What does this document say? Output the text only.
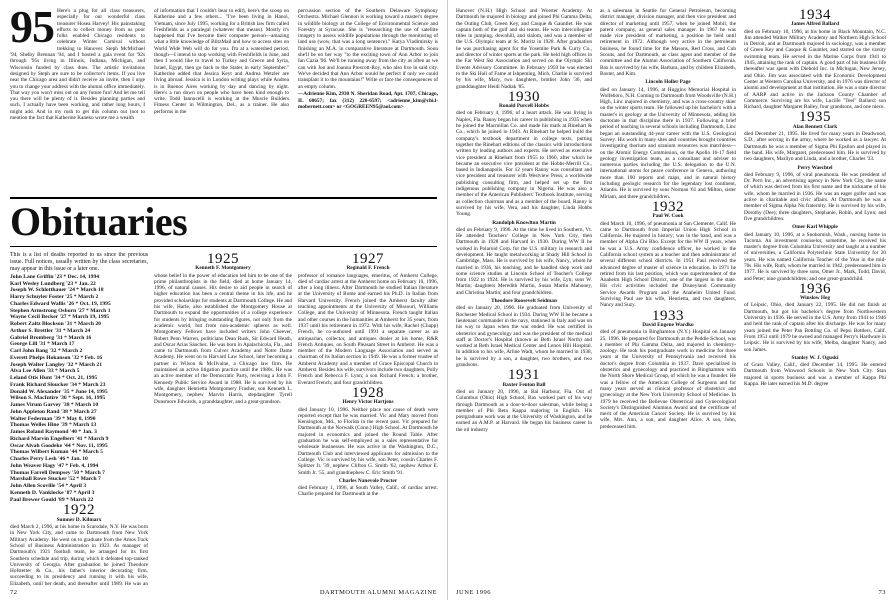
95 Here's a plug for all class treasurers, especially for our wonderful class treasurer Hosea Harvey! His painstaking efforts to collect money from us poor folks enabled Chicago residents to celebrate Winter Carnival without trekking to Hanover. Steph McMichael '94, Shelby Brennan '94, and I hosted a gala event for '92s through '95s living in Illinois, Indiana, Michigan, and Wisconsin funded by class dues. The artistic invitations designed by Steph are sure to be collector's items. If you live near the Chicago area and didn't receive an invite, then I urge you to change your address with the alumni office immediately. That way you won't miss out on any future fun! And let me tell you there will be plenty of it. Besides planning parties and such, I actually have been working, and rather long hours, I might add. And in my rush to get this column out (not to mention the fact that Katherine Kaneko wrote me a wealth
of information that I couldn't bear to edit), here's the scoop on Katherine and a few others... "I've been living in Hanoi, Vietnam, since July 1995, working for a British law firm called Freshfields as a paralegal (whatever that means). Mostly it's happened that I've become their computer person—amazing what a little knowledge of BlitzMail and how to access sites on World Wide Web will do for you. I'm at a watershed period, though—I intend to stop working with Freshfields in June, and then I would like to travel to Turkey and Greece and Syria, Israel, Egypt, then go back to the States in early September." Katherine added that Jessica Keyt and Andrea Wetzler are living abroad. Jessica is in London writing plays while Andrea is in Buenos Aires working by day and dancing by night. Here's a run down on people who have been kind enough to write. Todd Iannucelli is working at the Muscle Builders Fitness Center in Wilmington, Del., as a trainer. He also performs in the

percussion section of the Southern Delaware Symphony Orchestra. Michael Glennon is working toward a master's degree in wildlife biology at the College of Environmental Science and Forestry at Syracuse. She is "researching the use of satellite imagery to assess wildlife populations through the monitoring of land use (wow, that was a long sentence)." Katya Vladimirsky is finishing an M.A. in comparative literature at Dartmouth. Soon she'll be on her way "to the exciting town of Ann Arbor to join Ian Cazia '96. We'll be running away from the city as often as we can with Jon and Joanna Prescott-Roy, who also live in said city. We've decided that Ann Arbor would be perfect if only we could transplant it to the mountains!" Write or face the consequences of an empty column.

—Adrienne Kim, 2930 N. Sheridan Road, Apt. 1707, Chicago, IL 60657; fax (312) 220-6597; <adrienne_kim@chi.l-mobernett.com> or <GOGREEN95@aol.com>

Obituaries

This is a list of deaths reported to us since the previous issue. Full notices, usually written by the class secretaries, may appear in this issue or a later one.

John Lane Griffin '23 * Dec. 14, 1994
Karl Wesley Lundberg '23 * Jan. 22
Joseph W. Schlotthauer '24 * March 18
Harry Schuyler Foster '25 * March 2
Charles Edward Wallis '26 * Oct. 19, 1995
Stephen Armstrong Osborn '27 * March 1
Wayne Cecil Becker '27 * March 19, 1995
Robert Zaltz Blockson '31 * March 20
Arthur S. Brettler '31 * March 24
Gabriel Bromberg '31 * March 16
George Lill '31 * March 17
Carl John Bang '32 * March 2
Everett Phelps Hokanson '32 * Feb. 16
Joseph Walter Langley '32 * March 21
Alva Lee Allen '33 * March 5
Leland Otis Hunt '34 * Oct. 21, 1995
Frank Richard Sloucker '34 * March 23
Donald W. Alexander '35 * June 14, 1995
Wilson S. MacIntire '36 * Sept. 16, 1995
James Virum Garvey '38 * March 10
John Appleton Rand '38 * March 27
Walter Federman '39 * May 8, 1990
Thomas Welles Hine '39 * March 13
James Roland Raymond '40 * Jan. 3
Richard Marvin Engelbert '41 * March 9
Oscar Alvah Goodeke '44 * Nov. 11, 1995
Thomas Wilbert Kuman '44 * March 5
Charles Perry Lesh '46 * Jan. 10
John Weaver Hagy '47 * Feb. 4, 1994
Thomas Farrell Dempsey '50 * March 7
Marshall Rowe Stucker '52 * March 7
John Allen Scoville '54 * April 3
Kenneth D. Vanklocke '87 * April 3
Paul Brewer Gould '89 * March 22
1922
Sumner D. Kilmarx

died March 2, 1996, at his home in Scarsdale, N.Y. He was born in New York City, and came to Dartmouth from New York Military Academy. He went on to graduate from the Amos Tuck School of Business Administration in 1923. As manager of Dartmouth's 1921 football team, he arranged for its first Southern schedule and trip, during which it defeated top-ranked University of Georgia. After graduation he joined Theodore Hofstetter & Co., his father's interior decorating firm, succeeding to its presidency and running it with his wife, Elizabeth, until her death, and thereafter until 1989. He was an

1925
Kenneth F. Montgomery

whose belief in the power of education led him to be one of the prime philanthropists in the field, died at home January 14, 1996, of natural causes. His desire to aid people in search of higher education has been a central theme in his life, and he provided scholarships for students at Dartmouth College. He and his wife, Harle, also established the Montgomery House at Dartmouth to expand the opportunities of a college experience for students by bringing outstanding figures, not only from the academic world, but from non-academic spheres as well. Montgomery Fellows have included writers John Cheever, Robert Penn Warren, politicians Dean Rusk, Sir Edward Heath, and Oscar Arias Sánchez. He was born in Apalachicola, Fla., and came to Dartmouth from Culver Academy and Notre Dame Academy. He went on to Harvard Law School, later becoming a partner in Wilson & McIlvaine, a Chicago law firm. He maintained an active litigation practice until the 1980s. He was an active member of the Democratic Party, receiving a John F. Kennedy Public Service Award in 1988. He is survived by his wife, daughter Henrietta Montgomery Frasher, son Kenneth L. Montgomery, nephew Marvin Harris, stepdaughter Tyrell Dunsmore Edwards, a granddaughter, and a great-grandson.

1927
Reginald F. French

professor of romance languages, emeritus, of Amherst College, died of cardiac arrest at the Amherst home on February 10, 1996, after a long illness. After Dartmouth he studied Italian literature at the University of Rome and earned his Ph.D. in Italian from Harvard University. French joined the Amherst faculty after teaching appointments at the University of Missouri, Williams College, and the University of Minnesota. French taught Italian and other courses in the humanities at Amherst for 35 years, from 1937 until his retirement in 1972. With his wife, Rachel (Chapp) French, he co-authored until 1991 a separate career as an antiquarian, collector, and antiques dealer at his home, R&R French Antiques, on South Pleasant Street in Amherst. He was a member of the Modern Language Association and served as chairman of its Italian section in 1949. He was a former trustee of Amherst Academy and a member of Grace Episcopal Church in Amherst. Besides his wife, survivors include two daughters, Polly French and Rebecca F. Lynn; a son Richard French; a brother, Everard French; and four grandchildren.

1928
Henry Victor Hartjens

died January 10, 1996. Neither place nor cause of death were reported except that he was married. Vic and Mary moved from Kensington, Md., to Florida in the recent past. Vic prepared for Dartmouth at the Norwalk (Conn.) High School. At Dartmouth he majored in economics and joined the Round Table. After graduation he was self-employed as a sales representative for wholesale businesses. He was active in the Washington, D.C., Dartmouth Club and interviewed applicants for admission to the College. Vic is survived by his wife, son Peter, cousin Charles F. Splitzer Jr. '39, nephew Clifton G. Smith '62, nephew Arthur E. Smith Jr. '55, and grandnephew C. Eric Smith '91.

Charles Nanevole Procter

died February 1, 1996, at South Valley, Calif., of cardiac arrest. Charlie prepared for Dartmouth at the

72	DARTMOUTH ALUMNI MAGAZINE

Hanover (N.H.) High School and Worster Academy. At Dartmouth he majored in biology and joined Phi Gamma Delta, the Outing Club, Green Key, and Casque & Gauntlet. He was captain both of the golf and ski teams. He won intercollegiate titles in jumping, downhill, and slalom, and was a member of the U.S. Olympic team at St. Moritz in 1928. After graduation he was purchasing agent for the Yosemite Park & Curry Co., and director of winter sports at the park. He held high offices in the Far West Ski Association and served on the Olympic Ski Events Advisory Committee. In February 1959 he was elected to the Ski Hall of Fame at Ishpeming, Mich. Charlie is survived by his wife, Mary, two daughters, brother John '36, and granddaughter Heidi Nadiak '85.

1930
Ronald Purcell Hobbs

died on February 4, 1996, of a heart attack. He was living in Naples, Fla. Ranny began his career in publishing in 1935 when he joined the Macmillan Co. and made his mark at Rinehart & Co., which he joined in 1943. At Rinehart he helped build the company's textbook department in college texts, putting together the Rinehart editions of the classics with introductions written by leading authors and experts. He served as executive vice president at Rinehart from 1955 to 1960, after which he became an executive vice president at the Hobbs-Merrill Co., based in Indianapolis. For 12 years Ranny was consultant and vice president and treasurer with Westview Press, a worldwide publishing consulting firm, and helped set up the first indigenous publishing company in Nigeria. He was also a member of the American Publishers' Textbook Institute, serving as collection chairman and as a member of the board. Ranny is survived by his wife, Vera, and his daughter, Linda Hobbs Young.

Randolph Knowlton Martin

died on February 9, 1996. At the time he lived in Southern, Vt. He attended Teachers' College in New York City, then Dartmouth in 1928 and Harvard in 1930. During WW II he worked in Polaroid Corp. for the U.S. military in research and development. He taught metalworking at Shady Hill School in Cambridge, Mass. He is survived by his wife, Nancy, whom he married in 1936, his teaching, and he handled shop work and some science studies at Lincoln School of Teacher's College from 1922 to 1924. He is survived by his wife, Lyn; sons W. Martin; daughters Meredith Martin, Susan Martin Mahoney, and Christina Martin; and four grandchildren.

Theodore Roosevelt Seidman

died on January 20, 1996. He graduated from University of Rochester Medical School in 1934. During WW II he became a lieutenant commander in the navy, stationed in Italy and was on his way to Japan when the war ended. He was certified in obstetrics and gynecology and was the president of the medical staff at Doctor's Hospital (known as Beth Israel North) and worked at Beth Israel Medical Center and Lenox Hill Hospital. In addition to his wife, Arline Wadt, whom he married in 1938, he is survived by a son, a daughter, two brothers, and two grandsons.

1931
Baxter Fenton Ball

died on January 20, 1996, at Bal Harbour, Fla. Out of Columbus (Ohio) High School, Bax worked part of his way through Dartmouth as a door-to-door salesman, while being a member of Phi Beta Kappa majoring in English. His postgraduate work was at the University of Washington, and he earned an A.M.P. at Harvard. He began his business career in the oil industry

as a salesman in Seattle for General Petroleum, becoming district manager, division manager, and then vice president and director of marketing until 1957, when he joined Mobil, the parent company, as general sales manager. In 1967 he was made vice president of marketing, a position he held until retirement in 1972. Although very active in the petroleum business, he found time for the Masons, Red Cross, and Cub Scouts, and for Dartmouth, as class agent and member of the committee and the Alumni Association of Southern California. Bax is survived by his wife, Barbara, and by children Elizabeth, Baxter, and Kim.

Lincoln Holler Page

died on January 14, 1996, at Huggins Memorial Hospital in Wolfeboro, N.H. Coming to Dartmouth from Woodsville (N.H.) High, Linc majored in chemistry, and was a cross-country skier on the winter sports team. He followed up his bachelor's with a master's in geology at the University of Minnesota, adding his doctorate in that discipline there in 1937. Following a brief period of teaching in several schools including Dartmouth, Linc began an outstanding 44-year career with the U.S. Geological Survey. His work in many sites and countries brought countries investigating thorium and uranium resources was matchless—on the Atomic Energy Commission, on the Apollo 16-17 field geology investigation team, as a consultant and adviser to numerous parties including the U.S. delegation to the U.N. international atoms for peace conference in Geneva, authoring more than 100 reports and maps, and in natural history including geologic research for the legendary lost continent, Atlantis. He is survived by sons Norman '61 and Milton, sister Miriam, and three grandchildren.

1932
Paul W. Cook

died March 10, 1996, of pneumonia at San Clemente, Calif. He came to Dartmouth from Imperial Union High School in California. He majored in history; was in the band, and was a member of Alpha Chi Rho. Except for the WW II years, when he was a U.S. Army confidence officer, he worked in the California school system as a teacher and then administrator of several different school districts. In 1951 Paul received the advanced degree of master of science in education. In 1971 he retired from his last position, which was superintendent of the Anaheim High School District, one of the largest in the state. His civic activities included the Disneyland Community Service Awards Program and the Anaheim United Fund. Surviving Paul are his wife, Henrietta, and two daughters, Nancy and Suzy.

1933
David Eugene Wardko

died of pneumonia in Binghamton (N.Y.) Hospital on January 25, 1996. He prepared for Dartmouth at the Peddie School, was a member of Phi Gamma Delta, and majored in chemistry-zoology. He took his postgraduate work in medicine for three years at the University of Pennsylvania and received his doctor's degree from Columbia in 1937. Dave specialized in obstetrics and gynecology and practiced in Binghamton with the North Shore Medical Group, of which he was a founder. He was a fellow of the American College of Surgeons and for many years served as clinical professor of obstetrics and gynecology at the New York University School of Medicine. In 1979 he received the Bellevue Obstetrical and Gynecological Society's Distinguished Alumnus Award and the certificate of merit of the American Cancer Society. He is survived by his wife, Mrs. Ann, a son, and daughter Alice. A son, John, predeceased him.

1934
James Alfred Ballard

died on February 10, 1996, at his home in Black Mountain, N.C. Jim attended Walker Military Academy and Northern High School in Detroit, and at Dartmouth majored in sociology, was a member of Green Key and Casque & Gauntlet, and starred on the varsity swimming team. He served in the Marine Corps from 1941 to 1945, attaining the rank of captain. A good part of his business life thereafter was spent with Diebold Inc. in Michigan, New Jersey, and Ohio. Jim was associated with the Economic Development Center at Western Carolina University, and in 1976 was director of alumni and development at that institution. He was a state director of AARP and active in the Jackson County Chamber of Commerce. Surviving are his wife, Lucille "Teel" Ballard; son Richard, daughter Margaret Bailey, four grandsons, and one niece.

1935
Alan Bennett Clark

died December 21, 1995. He lived for many years in Deadwood, S.D., after serving in the army, where he worked as a lawyer. At Dartmouth he was a member of Sigma Phi Epsilon and played in the band. His wife, Margaret, predeceased him. He is survived by two daughters, Marilyn and Linda, and a brother, Charles '33.

Perry Waechtel

died February 9, 1996, of viral pneumonia. He was president of Dr. Perri Inc., an advertising agency in New York City, the name of which was derived from his first name and the nickname of his wife, whom he married in 1936. He was an eager golfer and was active in charitable and civic affairs. At Dartmouth he was a member of Sigma Alpha Nu fraternity. He is survived by his wife, Dorothy (Dee); three daughters, Stephanie, Robin, and Lynn; and five grandchildren.

Omer Karl Whipple

died January 10, 1996, at a Snohomish, Wash., nursing home in Tacoma. An investment counselor, sometime, he received his master's degree from Columbia University and taught at a number of universities, a California Polytechnic State University for 20 years. He was named California Teacher of the Year in the mid-70s. His wife, Ruth, whom he married in 1942, predeceased him in 1977. He is survived by three sons, Omer Jr., Mark, Todd, David, and Peter; nine grandchildren; and one great-grandchild.

1936
Winslow Heg

of Leipsic, Ohio, died January 22, 1995. He did not finish at Dartmouth, but got his bachelor's degree from Northwestern University in 1936. He served in the U.S. Army from 1941 to 1946 and held the rank of captain after his discharge. He was for many years joined the Peter Pan Bottling Co. of Pepsi Bottlers, Calif. From 1951 until 1979 he owned and managed Perry's Hardware in Leipsic. He is survived by his wife, Melba, daughter Nancy, and son James.

Stanley W. J. Oguski

of Grass Valley, Calif., died December 14, 1995. He entered Dartmouth from Winwood Schools in New York City. Stan majored in sports business and was a member of Kappa Phi Kappa. He later earned his M.D. degree

JUNE 1996	73
